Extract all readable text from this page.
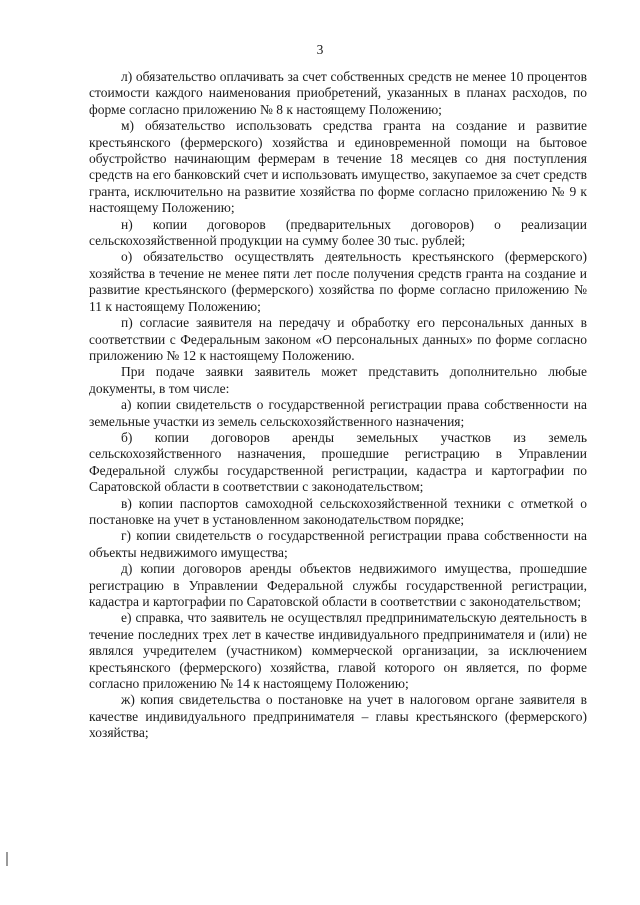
3

л) обязательство оплачивать за счет собственных средств не менее 10 процентов стоимости каждого наименования приобретений, указанных в планах расходов, по форме согласно приложению № 8 к настоящему Положению;

м) обязательство использовать средства гранта на создание и развитие крестьянского (фермерского) хозяйства и единовременной помощи на бытовое обустройство начинающим фермерам в течение 18 месяцев со дня поступления средств на его банковский счет и использовать имущество, закупаемое за счет средств гранта, исключительно на развитие хозяйства по форме согласно приложению № 9 к настоящему Положению;

н) копии договоров (предварительных договоров) о реализации сельскохозяйственной продукции на сумму более 30 тыс. рублей;

о) обязательство осуществлять деятельность крестьянского (фермерского) хозяйства в течение не менее пяти лет после получения средств гранта на создание и развитие крестьянского (фермерского) хозяйства по форме согласно приложению № 11 к настоящему Положению;

п) согласие заявителя на передачу и обработку его персональных данных в соответствии с Федеральным законом «О персональных данных» по форме согласно приложению № 12 к настоящему Положению.

При подаче заявки заявитель может представить дополнительно любые документы, в том числе:

а) копии свидетельств о государственной регистрации права собственности на земельные участки из земель сельскохозяйственного назначения;

б) копии договоров аренды земельных участков из земель сельскохозяйственного назначения, прошедшие регистрацию в Управлении Федеральной службы государственной регистрации, кадастра и картографии по Саратовской области в соответствии с законодательством;

в) копии паспортов самоходной сельскохозяйственной техники с отметкой о постановке на учет в установленном законодательством порядке;

г) копии свидетельств о государственной регистрации права собственности на объекты недвижимого имущества;

д) копии договоров аренды объектов недвижимого имущества, прошедшие регистрацию в Управлении Федеральной службы государственной регистрации, кадастра и картографии по Саратовской области в соответствии с законодательством;

е) справка, что заявитель не осуществлял предпринимательскую деятельность в течение последних трех лет в качестве индивидуального предпринимателя и (или) не являлся учредителем (участником) коммерческой организации, за исключением крестьянского (фермерского) хозяйства, главой которого он является, по форме согласно приложению № 14 к настоящему Положению;

ж) копия свидетельства о постановке на учет в налоговом органе заявителя в качестве индивидуального предпринимателя – главы крестьянского (фермерского) хозяйства;
